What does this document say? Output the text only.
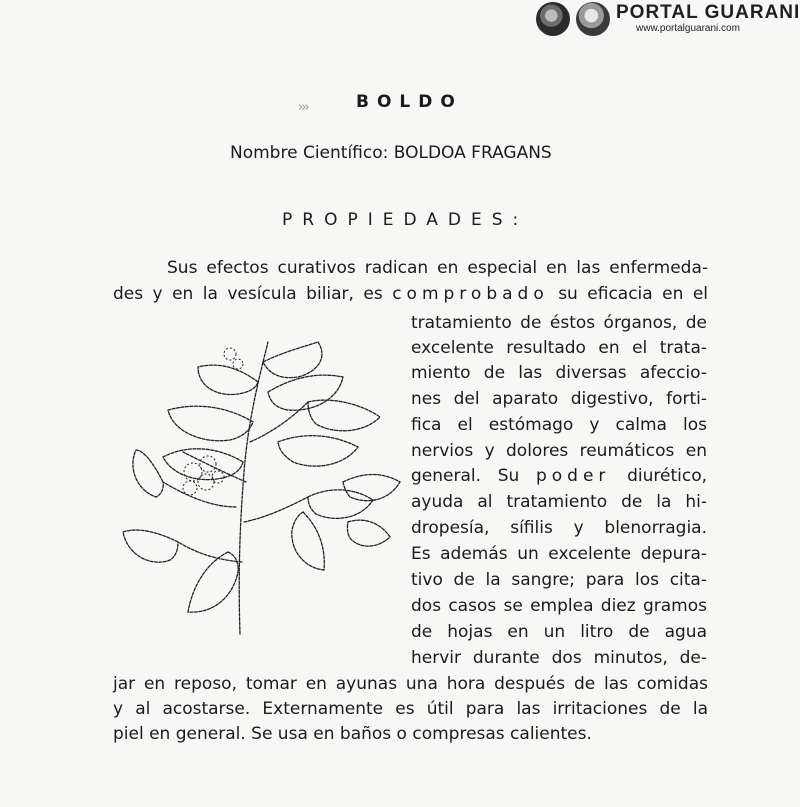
PORTAL GUARANI
www.portalguarani.com
›››	BOLDO
Nombre Científico: BOLDOA FRAGANS
PROPIEDADES:
Sus efectos curativos radican en especial en las enfermeda-
des y en la vesícula biliar, es comprobado su eficacia en el
tratamiento de éstos órganos, de
excelente resultado en el trata-
miento de las diversas afeccio-
nes del aparato digestivo, forti-
fica el estómago y calma los
nervios y dolores reumáticos en
general. Su poder diurético,
ayuda al tratamiento de la hi-
dropesía, sífilis y blenorragia.
Es además un excelente depura-
tivo de la sangre; para los cita-
dos casos se emplea diez gramos
de hojas en un litro de agua
hervir durante dos minutos, de-
jar en reposo, tomar en ayunas una hora después de las comidas
y al acostarse. Externamente es útil para las irritaciones de la
piel en general. Se usa en baños o compresas calientes.
